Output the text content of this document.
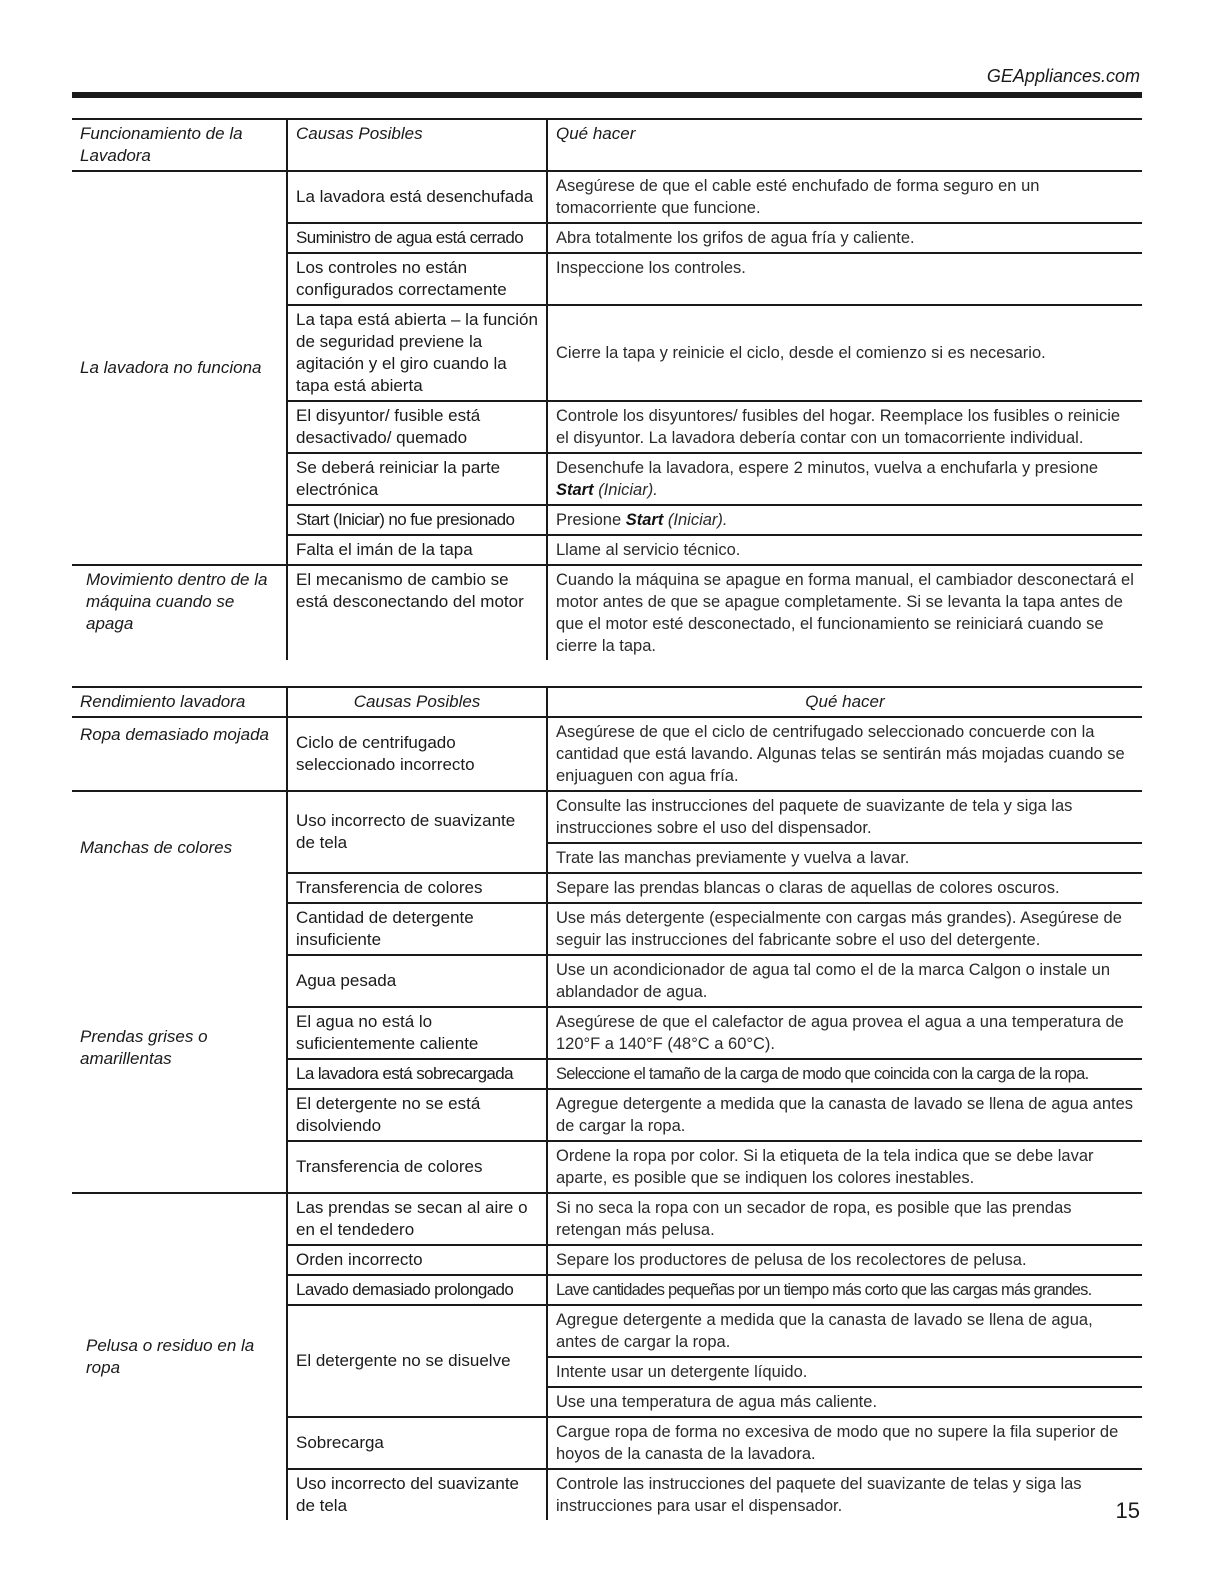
GEAppliances.com
Funcionamiento de la Lavadora	Causas Posibles	Qué hacer
La lavadora no funciona	La lavadora está desenchufada	Asegúrese de que el cable esté enchufado de forma seguro en un tomacorriente que funcione.
	Suministro de agua está cerrado	Abra totalmente los grifos de agua fría y caliente.
	Los controles no están configurados correctamente	Inspeccione los controles.
	La tapa está abierta – la función de seguridad previene la agitación y el giro cuando la tapa está abierta	Cierre la tapa y reinicie el ciclo, desde el comienzo si es necesario.
	El disyuntor/ fusible está desactivado/ quemado	Controle los disyuntores/ fusibles del hogar. Reemplace los fusibles o reinicie el disyuntor. La lavadora debería contar con un tomacorriente individual.
	Se deberá reiniciar la parte electrónica	Desenchufe la lavadora, espere 2 minutos, vuelva a enchufarla y presione Start (Iniciar).
	Start (Iniciar) no fue presionado	Presione Start (Iniciar).
	Falta el imán de la tapa	Llame al servicio técnico.
Movimiento dentro de la máquina cuando se apaga	El mecanismo de cambio se está desconectando del motor	Cuando la máquina se apague en forma manual, el cambiador desconectará el motor antes de que se apague completamente. Si se levanta la tapa antes de que el motor esté desconectado, el funcionamiento se reiniciará cuando se cierre la tapa.
Rendimiento lavadora	Causas Posibles	Qué hacer
Ropa demasiado mojada	Ciclo de centrifugado seleccionado incorrecto	Asegúrese de que el ciclo de centrifugado seleccionado concuerde con la cantidad que está lavando. Algunas telas se sentirán más mojadas cuando se enjuaguen con agua fría.
Manchas de colores	Uso incorrecto de suavizante de tela	Consulte las instrucciones del paquete de suavizante de tela y siga las instrucciones sobre el uso del dispensador.
		Trate las manchas previamente y vuelva a lavar.
	Transferencia de colores	Separe las prendas blancas o claras de aquellas de colores oscuros.
Prendas grises o amarillentas	Cantidad de detergente insuficiente	Use más detergente (especialmente con cargas más grandes). Asegúrese de seguir las instrucciones del fabricante sobre el uso del detergente.
	Agua pesada	Use un acondicionador de agua tal como el de la marca Calgon o instale un ablandador de agua.
	El agua no está lo suficientemente caliente	Asegúrese de que el calefactor de agua provea el agua a una temperatura de 120°F a 140°F (48°C a 60°C).
	La lavadora está sobrecargada	Seleccione el tamaño de la carga de modo que coincida con la carga de la ropa.
	El detergente no se está disolviendo	Agregue detergente a medida que la canasta de lavado se llena de agua antes de cargar la ropa.
	Transferencia de colores	Ordene la ropa por color. Si la etiqueta de la tela indica que se debe lavar aparte, es posible que se indiquen los colores inestables.
Pelusa o residuo en la ropa	Las prendas se secan al aire o en el tendedero	Si no seca la ropa con un secador de ropa, es posible que las prendas retengan más pelusa.
	Orden incorrecto	Separe los productores de pelusa de los recolectores de pelusa.
	Lavado demasiado prolongado	Lave cantidades pequeñas por un tiempo más corto que las cargas más grandes.
	El detergente no se disuelve	Agregue detergente a medida que la canasta de lavado se llena de agua, antes de cargar la ropa.
		Intente usar un detergente líquido.
		Use una temperatura de agua más caliente.
	Sobrecarga	Cargue ropa de forma no excesiva de modo que no supere la fila superior de hoyos de la canasta de la lavadora.
	Uso incorrecto del suavizante de tela	Controle las instrucciones del paquete del suavizante de telas y siga las instrucciones para usar el dispensador.	15
